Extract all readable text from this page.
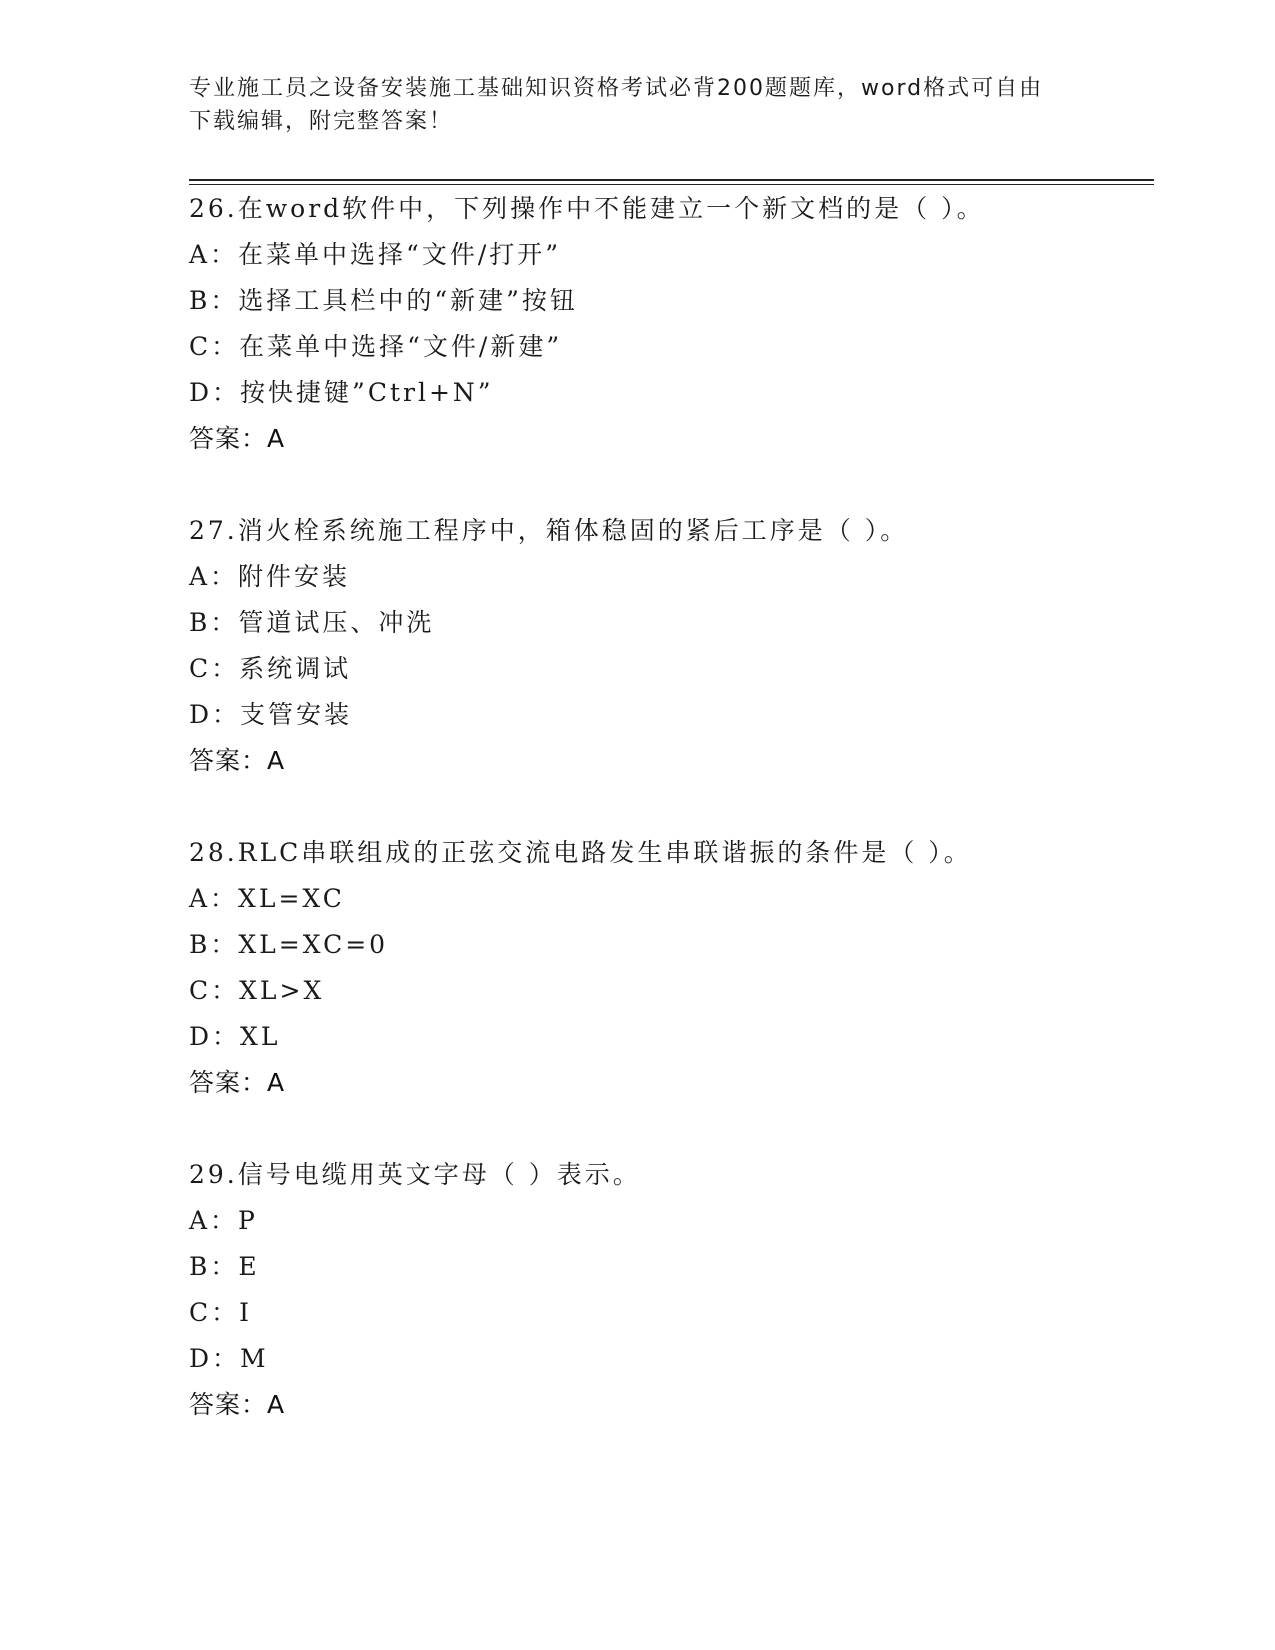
专业施工员之设备安装施工基础知识资格考试必背200题题库，word格式可自由
下载编辑，附完整答案！
26.在word软件中，下列操作中不能建立一个新文档的是（ ）。
A：在菜单中选择“文件/打开”
B：选择工具栏中的“新建”按钮
C：在菜单中选择“文件/新建”
D：按快捷键”Ctrl+N”
答案：A
27.消火栓系统施工程序中，箱体稳固的紧后工序是（ ）。
A：附件安装
B：管道试压、冲洗
C：系统调试
D：支管安装
答案：A
28.RLC串联组成的正弦交流电路发生串联谐振的条件是（ ）。
A：XL=XC
B：XL=XC=0
C：XL>X
D：XL
答案：A
29.信号电缆用英文字母（ ）表示。
A：P
B：E
C：I
D：M
答案：A
